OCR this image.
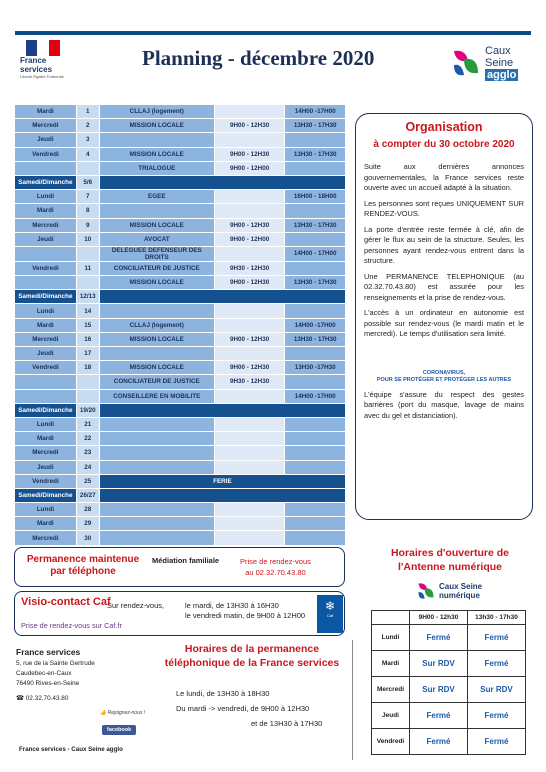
France
services
Liberté Égalité Fraternité
Planning - décembre 2020	Caux
Seine
agglo
Mardi	1	CLLAJ (logement)		14H00 -17H00
Mercredi	2	MISSION LOCALE	9H00 - 12H30	13H30 - 17H30
Jeudi	3			
Vendredi	4	MISSION LOCALE	9H00 - 12H30	13H30 - 17H30
		TRIALOGUE	9H00 - 12H00	
Samedi/Dimanche	5/6			
Lundi	7	EGEE		16H00 - 18H00
Mardi	8			
Mercredi	9	MISSION LOCALE	9H00 - 12H30	13H30 - 17H30
Jeudi	10	AVOCAT	9H00 - 12H00	
		DELEGUEE DEFENSEUR DES DROITS		14H00 - 17H00
Vendredi	11	CONCILIATEUR DE JUSTICE	9H30 - 12H30	
		MISSION LOCALE	9H00 - 12H30	13H30 - 17H30
Samedi/Dimanche	12/13			
Lundi	14			
Mardi	15	CLLAJ (logement)		14H00 -17H00
Mercredi	16	MISSION LOCALE	9H00 - 12H30	13H30 - 17H30
Jeudi	17			
Vendredi	18	MISSION LOCALE	9H00 - 12H30	13H30 -17H30
		CONCILIATEUR DE JUSTICE	9H30 - 12H30	
		CONSEILLERE EN MOBILITE		14H00 -17H00
Samedi/Dimanche	19/20			
Lundi	21			
Mardi	22			
Mercredi	23			
Jeudi	24			
Vendredi	25	FERIE		
Samedi/Dimanche	26/27			
Lundi	28			
Mardi	29			
Mercredi	30			
Organisation
à compter du 30 octobre 2020

Suite aux dernières annonces gouvernementales, la France services reste ouverte avec un accueil adapté à la situation.

Les personnes sont reçues UNIQUEMENT SUR RENDEZ-VOUS.

La porte d'entrée reste fermée à clé, afin de gérer le flux au sein de la structure. Seules, les personnes ayant rendez-vous entrent dans la structure.

Une PERMANENCE TELEPHONIQUE (au 02.32.70.43.80) est assurée pour les renseignements et la prise de rendez-vous.

L'accès à un ordinateur en autonomie est possible sur rendez-vous (le mardi matin et le mercredi). Le temps d'utilisation sera limité.

CORONAVIRUS,
POUR SE PROTÉGER ET PROTÉGER LES AUTRES

L'équipe s'assure du respect des gestes barrières (port du masque, lavage de mains avec du gel et distanciation).

Permanence maintenue par téléphone
Médiation familiale	Prise de rendez-vous
au 02.32.70.43.80
Visio-contact Caf
Sur rendez-vous,	le mardi, de 13H30 à 16H30
le vendredi matin, de 9H00 à 12H00
Prise de rendez-vous sur Caf.fr
❄
Caf
France services
5, rue de la Sainte Gertrude
Caudebec-en-Caux
76490 Rives-en-Seine
☎ 02.32.70.43.80
👍 Rejoignez-nous !
facebook
France services - Caux Seine agglo
Horaires de la permanence téléphonique de la France services
Le lundi, de 13H30 à 18H30
Du mardi -> vendredi, de 9H00 à 12H30
et de 13H30 à 17H30
Horaires d'ouverture de l'Antenne numérique
Caux Seine
numérique
	9H00 - 12h30	13h30 - 17h30
Lundi	Fermé	Fermé
Mardi	Sur RDV	Fermé
Mercredi	Sur RDV	Sur RDV
Jeudi	Fermé	Fermé
Vendredi	Fermé	Fermé
